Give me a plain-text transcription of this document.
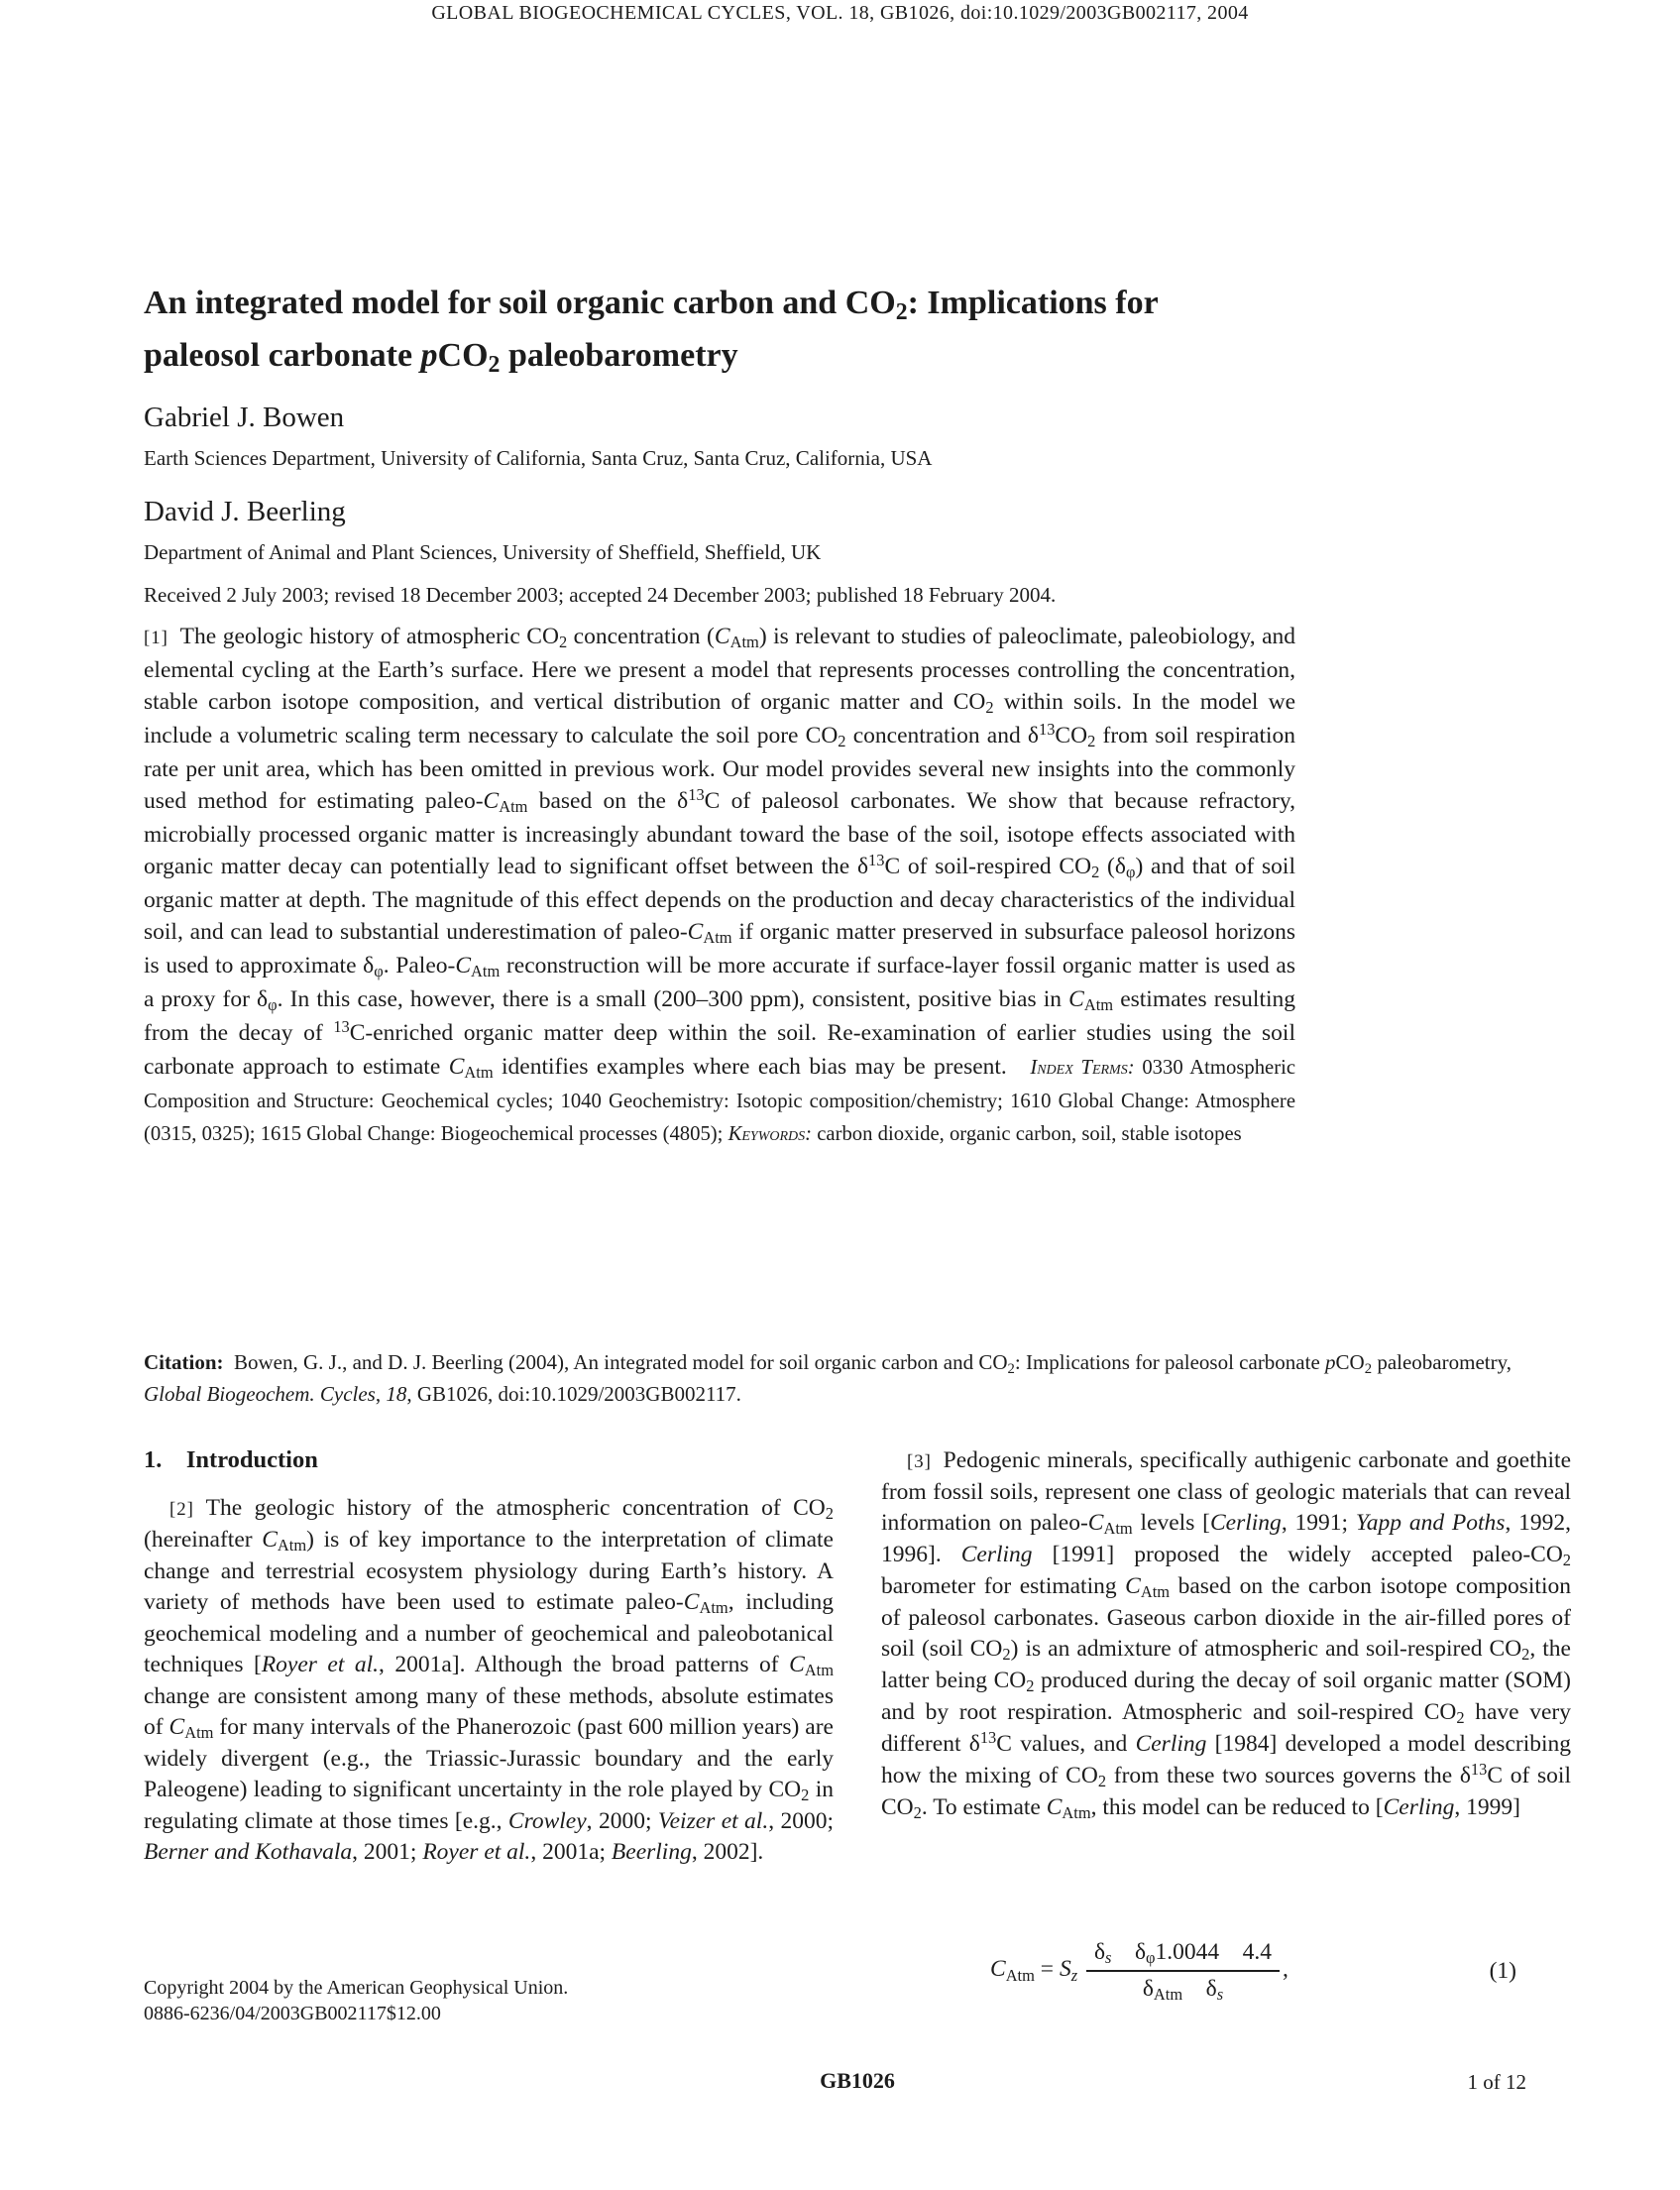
GLOBAL BIOGEOCHEMICAL CYCLES, VOL. 18, GB1026, doi:10.1029/2003GB002117, 2004
An integrated model for soil organic carbon and CO2: Implications for
paleosol carbonate pCO2 paleobarometry
Gabriel J. Bowen
Earth Sciences Department, University of California, Santa Cruz, Santa Cruz, California, USA
David J. Beerling
Department of Animal and Plant Sciences, University of Sheffield, Sheffield, UK
Received 2 July 2003; revised 18 December 2003; accepted 24 December 2003; published 18 February 2004.
[1] The geologic history of atmospheric CO2 concentration (CAtm) is relevant to studies of paleoclimate, paleobiology, and elemental cycling at the Earth’s surface. Here we present a model that represents processes controlling the concentration, stable carbon isotope composition, and vertical distribution of organic matter and CO2 within soils. In the model we include a volumetric scaling term necessary to calculate the soil pore CO2 concentration and $\delta^{13}CO2$ from soil respiration rate per unit area, which has been omitted in previous work. Our model provides several new insights into the commonly used method for estimating paleo-CAtm based on the $\delta^{13}C$ of paleosol carbonates. We show that because refractory, microbially processed organic matter is increasingly abundant toward the base of the soil, isotope effects associated with organic matter decay can potentially lead to significant offset between the $\delta^{13}C$ of soil-respired CO2 (δφ) and that of soil organic matter at depth. The magnitude of this effect depends on the production and decay characteristics of the individual soil, and can lead to substantial underestimation of paleo-CAtm if organic matter preserved in subsurface paleosol horizons is used to approximate δφ. Paleo-CAtm reconstruction will be more accurate if surface-layer fossil organic matter is used as a proxy for δφ. In this case, however, there is a small (200–300 ppm), consistent, positive bias in CAtm estimates resulting from the decay of $^{13}$C-enriched organic matter deep within the soil. Re-examination of earlier studies using the soil carbonate approach to estimate CAtm identifies examples where each bias may be present.  Index Terms: 0330 Atmospheric Composition and Structure: Geochemical cycles; 1040 Geochemistry: Isotopic composition/chemistry; 1610 Global Change: Atmosphere (0315, 0325); 1615 Global Change: Biogeochemical processes (4805); Keywords: carbon dioxide, organic carbon, soil, stable isotopes
Citation: Bowen, G. J., and D. J. Beerling (2004), An integrated model for soil organic carbon and CO2: Implications for paleosol carbonate pCO2 paleobarometry, Global Biogeochem. Cycles, 18, GB1026, doi:10.1029/2003GB002117.
1. Introduction

[2] The geologic history of the atmospheric concentration of CO2 (hereinafter CAtm) is of key importance to the interpretation of climate change and terrestrial ecosystem physiology during Earth’s history. A variety of methods have been used to estimate paleo-CAtm, including geochemical modeling and a number of geochemical and paleobotanical techniques [Royer et al., 2001a]. Although the broad patterns of CAtm change are consistent among many of these methods, absolute estimates of CAtm for many intervals of the Phanerozoic (past 600 million years) are widely divergent (e.g., the Triassic-Jurassic boundary and the early Paleogene) leading to significant uncertainty in the role played by CO2 in regulating climate at those times [e.g., Crowley, 2000; Veizer et al., 2000; Berner and Kothavala, 2001; Royer et al., 2001a; Beerling, 2002].

[3] Pedogenic minerals, specifically authigenic carbonate and goethite from fossil soils, represent one class of geologic materials that can reveal information on paleo-CAtm levels [Cerling, 1991; Yapp and Poths, 1992, 1996]. Cerling [1991] proposed the widely accepted paleo-CO2 barometer for estimating CAtm based on the carbon isotope composition of paleosol carbonates. Gaseous carbon dioxide in the air-filled pores of soil (soil CO2) is an admixture of atmospheric and soil-respired CO2, the latter being CO2 produced during the decay of soil organic matter (SOM) and by root respiration. Atmospheric and soil-respired CO2 have very different $\delta^{13}C$ values, and Cerling [1984] developed a model describing how the mixing of CO2 from these two sources governs the $\delta^{13}C$ of soil CO2. To estimate CAtm, this model can be reduced to [Cerling, 1999]

Copyright 2004 by the American Geophysical Union.
0886-6236/04/2003GB002117$12.00
CAtm = Sz $\frac{\text{δs  δφ1.0044  4.4}}{\text{δAtm  δs}}$ ,	(1)
GB1026	1 of 12
